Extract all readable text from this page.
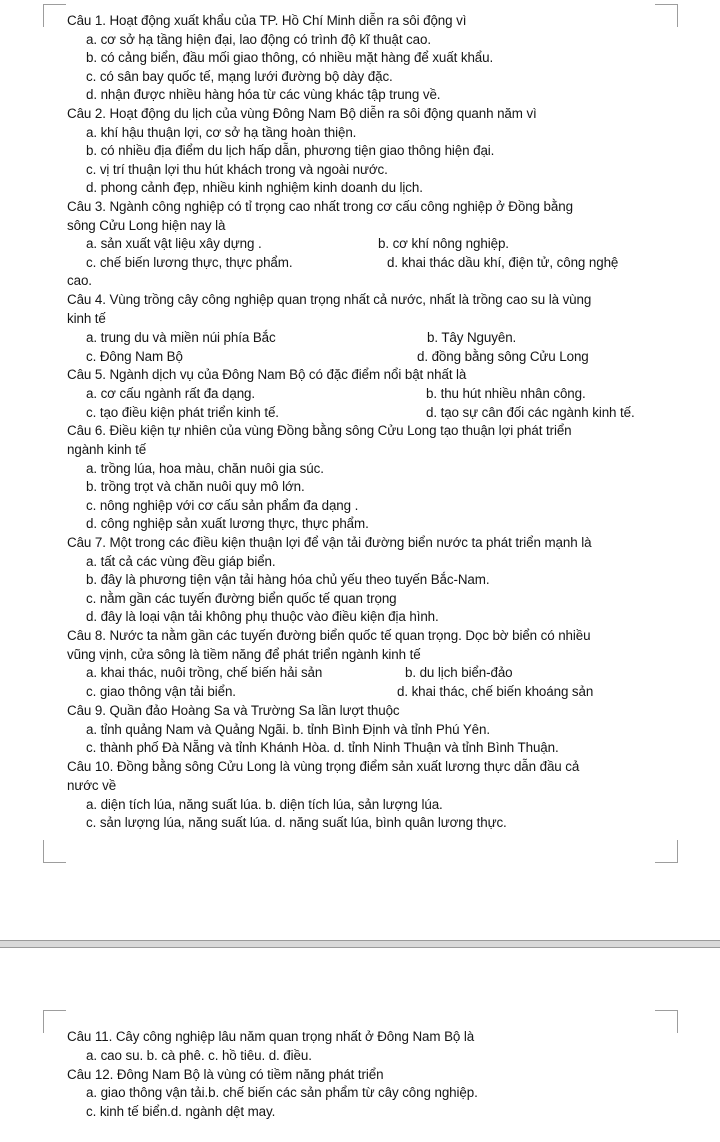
Câu 1. Hoạt động xuất khẩu của TP. Hồ Chí Minh diễn ra sôi động vì
a. cơ sở hạ tầng hiện đại, lao động có trình độ kĩ thuật cao.
b. có cảng biển, đầu mối giao thông, có nhiều mặt hàng để xuất khẩu.
c. có sân bay quốc tế, mạng lưới đường bộ dày đặc.
d. nhận được nhiều hàng hóa từ các vùng khác tập trung về.
Câu 2. Hoạt động du lịch của vùng Đông Nam Bộ diễn ra sôi động quanh năm vì
a. khí hậu thuận lợi, cơ sở hạ tầng hoàn thiện.
b. có nhiều địa điểm du lịch hấp dẫn, phương tiện giao thông hiện đại.
c. vị trí thuận lợi thu hút khách trong và ngoài nước.
d. phong cảnh đẹp, nhiều kinh nghiệm kinh doanh du lịch.
Câu 3. Ngành công nghiệp có tỉ trọng cao nhất trong cơ cấu công nghiệp ở Đồng bằng
sông Cửu Long hiện nay là
a. sản xuất vật liệu xây dựng .	b. cơ khí nông nghiệp.
c. chế biến lương thực, thực phẩm.	d. khai thác dầu khí, điện tử, công nghệ
cao.
Câu 4. Vùng trồng cây công nghiệp quan trọng nhất cả nước, nhất là trồng cao su là vùng
kinh tế
a. trung du và miền núi phía Bắc	b. Tây Nguyên.
c. Đông Nam Bộ	d. đồng bằng sông Cửu Long
Câu 5. Ngành dịch vụ của Đông Nam Bộ có đặc điểm nổi bật nhất là
a. cơ cấu ngành rất đa dạng.	b. thu hút nhiều nhân công.
c. tạo điều kiện phát triển kinh tế.	d. tạo sự cân đối các ngành kinh tế.
Câu 6. Điều kiện tự nhiên của vùng Đồng bằng sông Cửu Long tạo thuận lợi phát triển
ngành kinh tế
a. trồng lúa, hoa màu, chăn nuôi gia súc.
b. trồng trọt và chăn nuôi quy mô lớn.
c. nông nghiệp với cơ cấu sản phẩm đa dạng .
d. công nghiệp sản xuất lương thực, thực phẩm.
Câu 7. Một trong các điều kiện thuận lợi để vận tải đường biển nước ta phát triển mạnh là
a. tất cả các vùng đều giáp biển.
b. đây là phương tiện vận tải hàng hóa chủ yếu theo tuyến Bắc-Nam.
c. nằm gần các tuyến đường biển quốc tế quan trọng
d. đây là loại vận tải không phụ thuộc vào điều kiện địa hình.
Câu 8. Nước ta nằm gần các tuyến đường biển quốc tế quan trọng. Dọc bờ biển có nhiều
vũng vịnh, cửa sông là tiềm năng để phát triển ngành kinh tế
a. khai thác, nuôi trồng, chế biến hải sản	b. du lịch biển-đảo
c. giao thông vận tải biển.	d. khai thác, chế biến khoáng sản
Câu 9. Quần đảo Hoàng Sa và Trường Sa lần lượt thuộc
a. tỉnh quảng Nam và Quảng Ngãi. b. tỉnh Bình Định và tỉnh Phú Yên.
c. thành phố Đà Nẵng và tỉnh Khánh Hòa. d. tỉnh Ninh Thuận và tỉnh Bình Thuận.
Câu 10. Đồng bằng sông Cửu Long là vùng trọng điểm sản xuất lương thực dẫn đầu cả
nước về
a. diện tích lúa, năng suất lúa. b. diện tích lúa, sản lượng lúa.
c. sản lượng lúa, năng suất lúa. d. năng suất lúa, bình quân lương thực.
Câu 11. Cây công nghiệp lâu năm quan trọng nhất ở Đông Nam Bộ là
a. cao su. b. cà phê. c. hồ tiêu. d. điều.
Câu 12. Đông Nam Bộ là vùng có tiềm năng phát triển
a. giao thông vận tải.b. chế biến các sản phẩm từ cây công nghiệp.
c. kinh tế biển.d. ngành dệt may.
